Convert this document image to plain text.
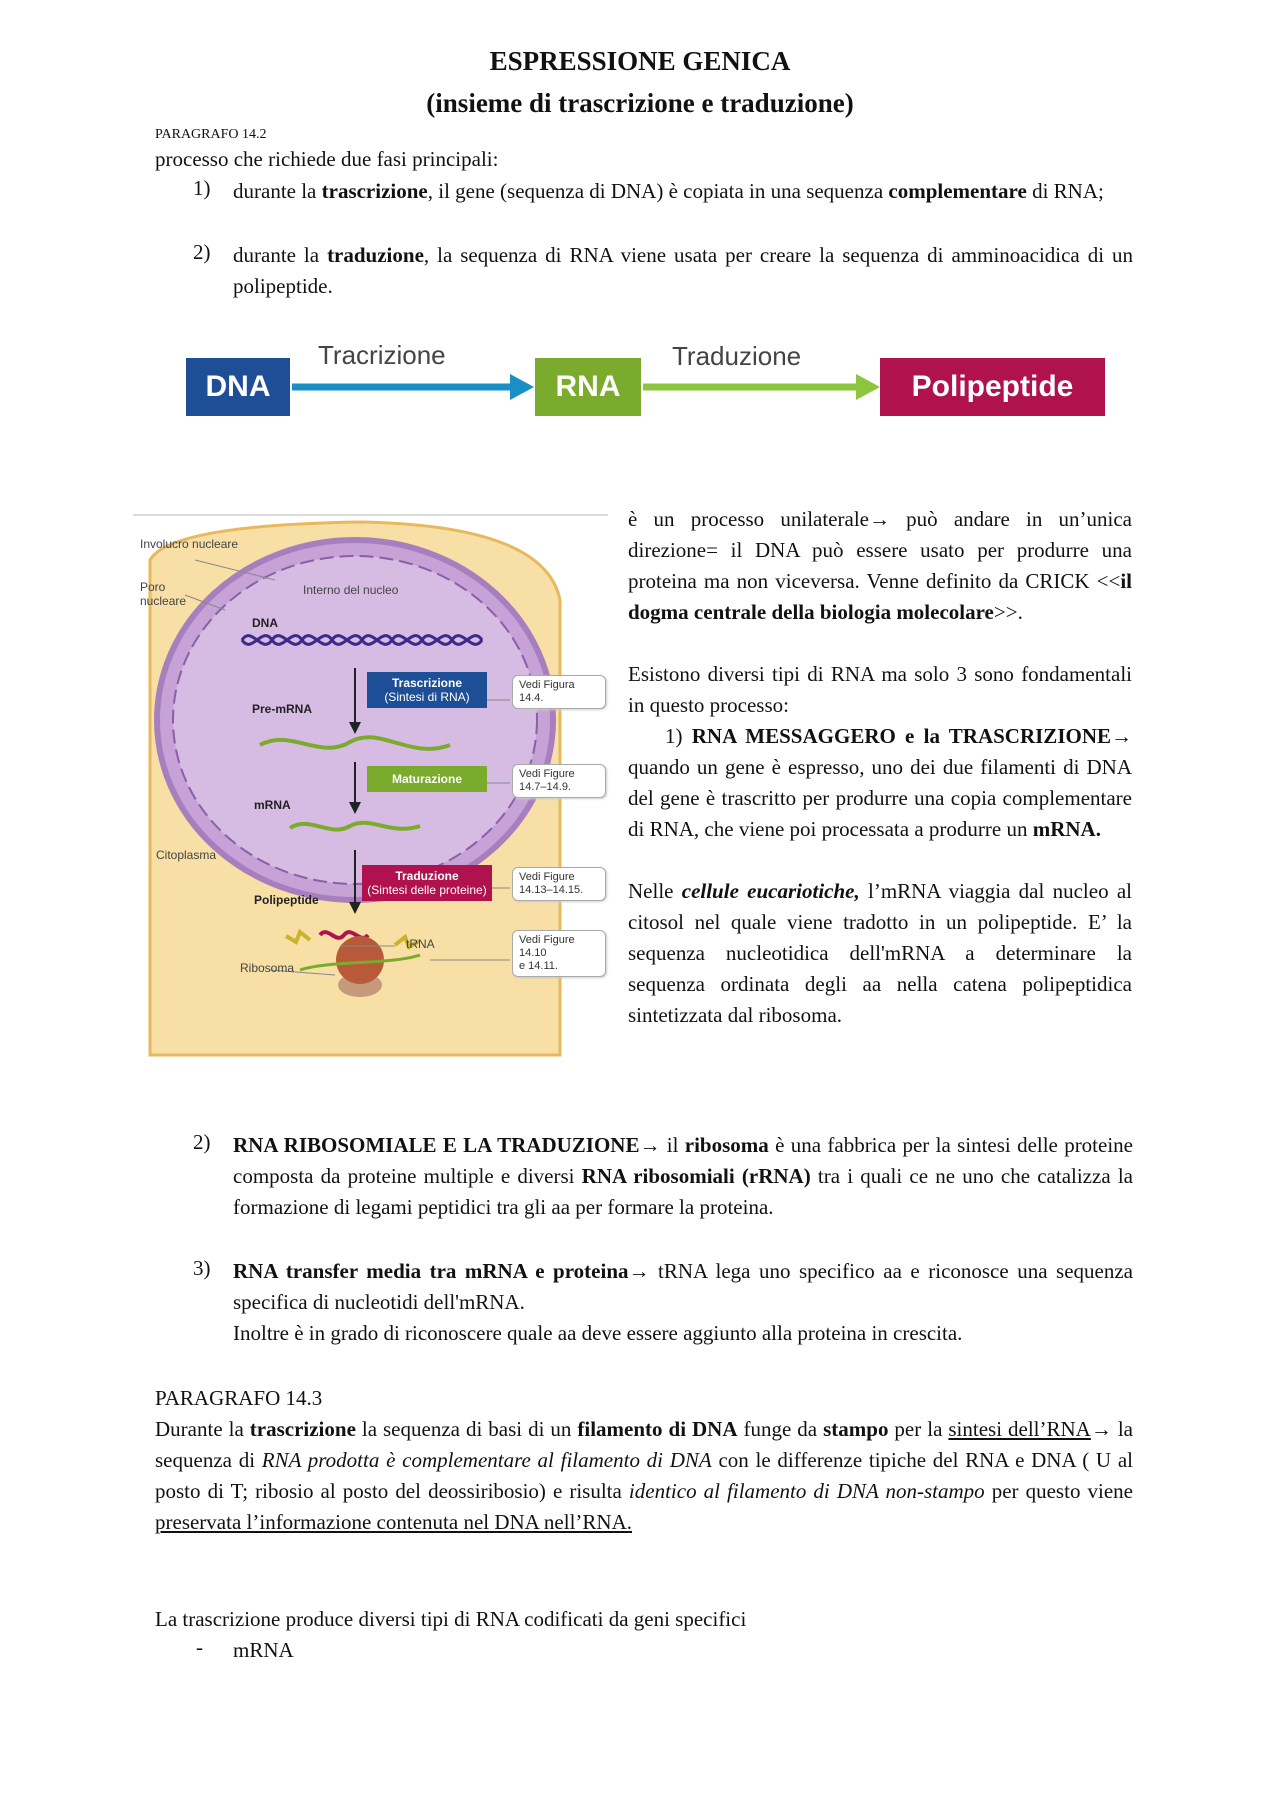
ESPRESSIONE GENICA
(insieme di trascrizione e traduzione)
PARAGRAFO 14.2
processo che richiede due fasi principali:
1) durante la trascrizione, il gene (sequenza di DNA) è copiata in una sequenza complementare di RNA;
2) durante la traduzione, la sequenza di RNA viene usata per creare la sequenza di amminoacidica di un polipeptide.
DNA	RNA	Polipeptide
Tracrizione	Traduzione
Involucro nucleare
Poro nucleare
Interno del nucleo
DNA
Pre-mRNA
mRNA
Citoplasma
Polipeptide
tRNA
Ribosoma
Trascrizione
(Sintesi di RNA)
Maturazione
Traduzione
(Sintesi delle proteine)
Vedi Figura
14.4.
Vedi Figure
14.7–14.9.
Vedi Figure
14.13–14.15.
Vedi Figure
14.10
e 14.11.
è un processo unilaterale→ può andare in un’unica direzione= il DNA può essere usato per produrre una proteina ma non viceversa. Venne definito da CRICK <<il dogma centrale della biologia molecolare>>.
Esistono diversi tipi di RNA ma solo 3 sono fondamentali in questo processo:
1) RNA MESSAGGERO e la TRASCRIZIONE→ quando un gene è espresso, uno dei due filamenti di DNA del gene è trascritto per produrre una copia complementare di RNA, che viene poi processata a produrre un mRNA.
Nelle cellule eucariotiche, l’mRNA viaggia dal nucleo al citosol nel quale viene tradotto in un polipeptide. E’ la sequenza nucleotidica dell'mRNA a determinare la sequenza ordinata degli aa nella catena polipeptidica sintetizzata dal ribosoma.
2) RNA RIBOSOMIALE E LA TRADUZIONE→ il ribosoma è una fabbrica per la sintesi delle proteine composta da proteine multiple e diversi RNA ribosomiali (rRNA) tra i quali ce ne uno che catalizza la formazione di legami peptidici tra gli aa per formare la proteina.
3) RNA transfer media tra mRNA e proteina→ tRNA lega uno specifico aa e riconosce una sequenza specifica di nucleotidi dell'mRNA.
Inoltre è in grado di riconoscere quale aa deve essere aggiunto alla proteina in crescita.
PARAGRAFO 14.3
Durante la trascrizione la sequenza di basi di un filamento di DNA funge da stampo per la sintesi dell’RNA→ la sequenza di RNA prodotta è complementare al filamento di DNA con le differenze tipiche del RNA e DNA ( U al posto di T; ribosio al posto del deossiribosio) e risulta identico al filamento di DNA non-stampo per questo viene preservata l’informazione contenuta nel DNA nell’RNA.
La trascrizione produce diversi tipi di RNA codificati da geni specifici
- mRNA
